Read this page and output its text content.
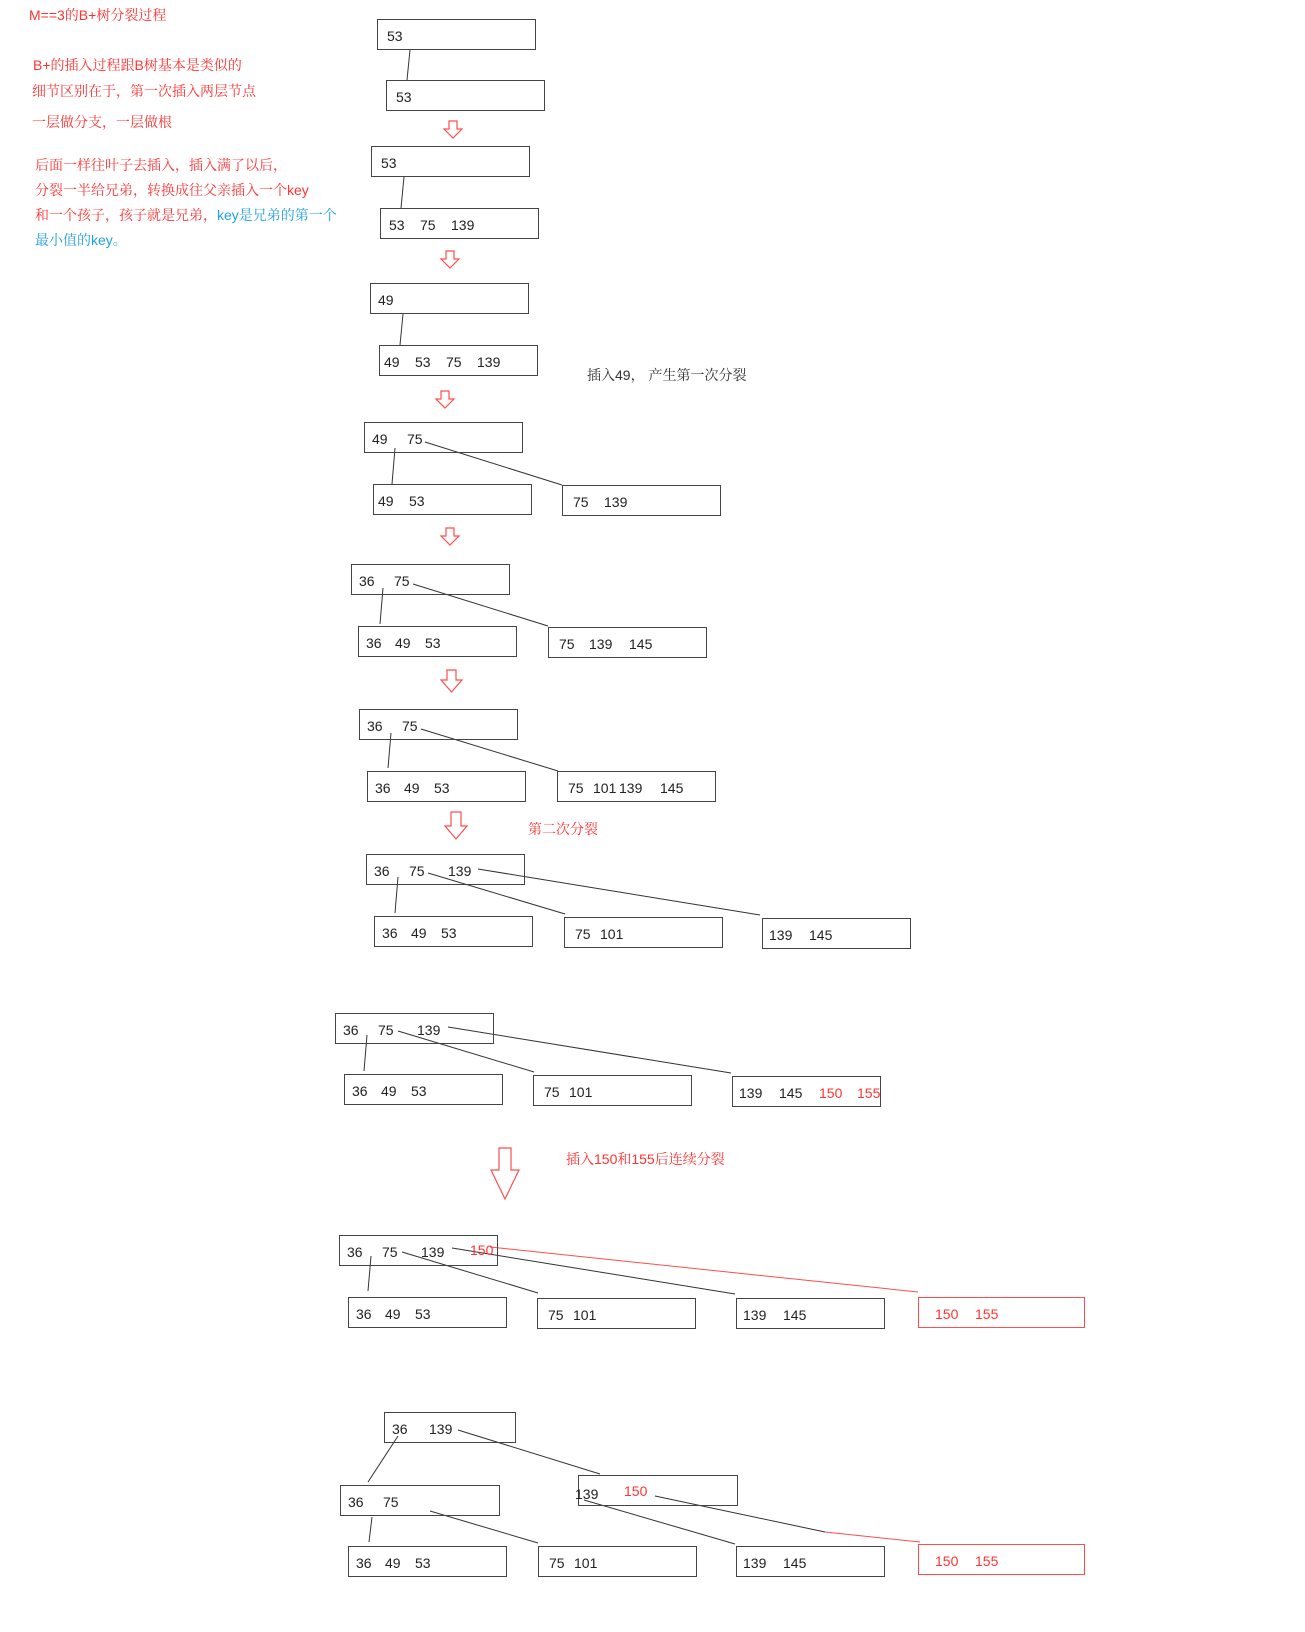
M==3的B+树分裂过程
B+的插入过程跟B树基本是类似的
细节区别在于，第一次插入两层节点
一层做分支，一层做根
后面一样往叶子去插入，插入满了以后，
分裂一半给兄弟，转换成往父亲插入一个key
和一个孩子，孩子就是兄弟，key是兄弟的第一个
最小值的key。
插入49， 产生第一次分裂
第二次分裂
插入150和155后连续分裂
53
53
53
53 75 139
49
49 53 75 139
49 75
49 53	75 139
36 75
36 49 53	75 139 145
36 75
36 49 53	75 101 139 145
36 75 139
36 49 53	75 101	139 145
36 75 139
36 49 53	75 101	139 145 150 155
36 75 139 150
36 49 53	75 101	139 145	150 155
36 139
36 75	139 150
36 49 53	75 101	139 145	150 155
